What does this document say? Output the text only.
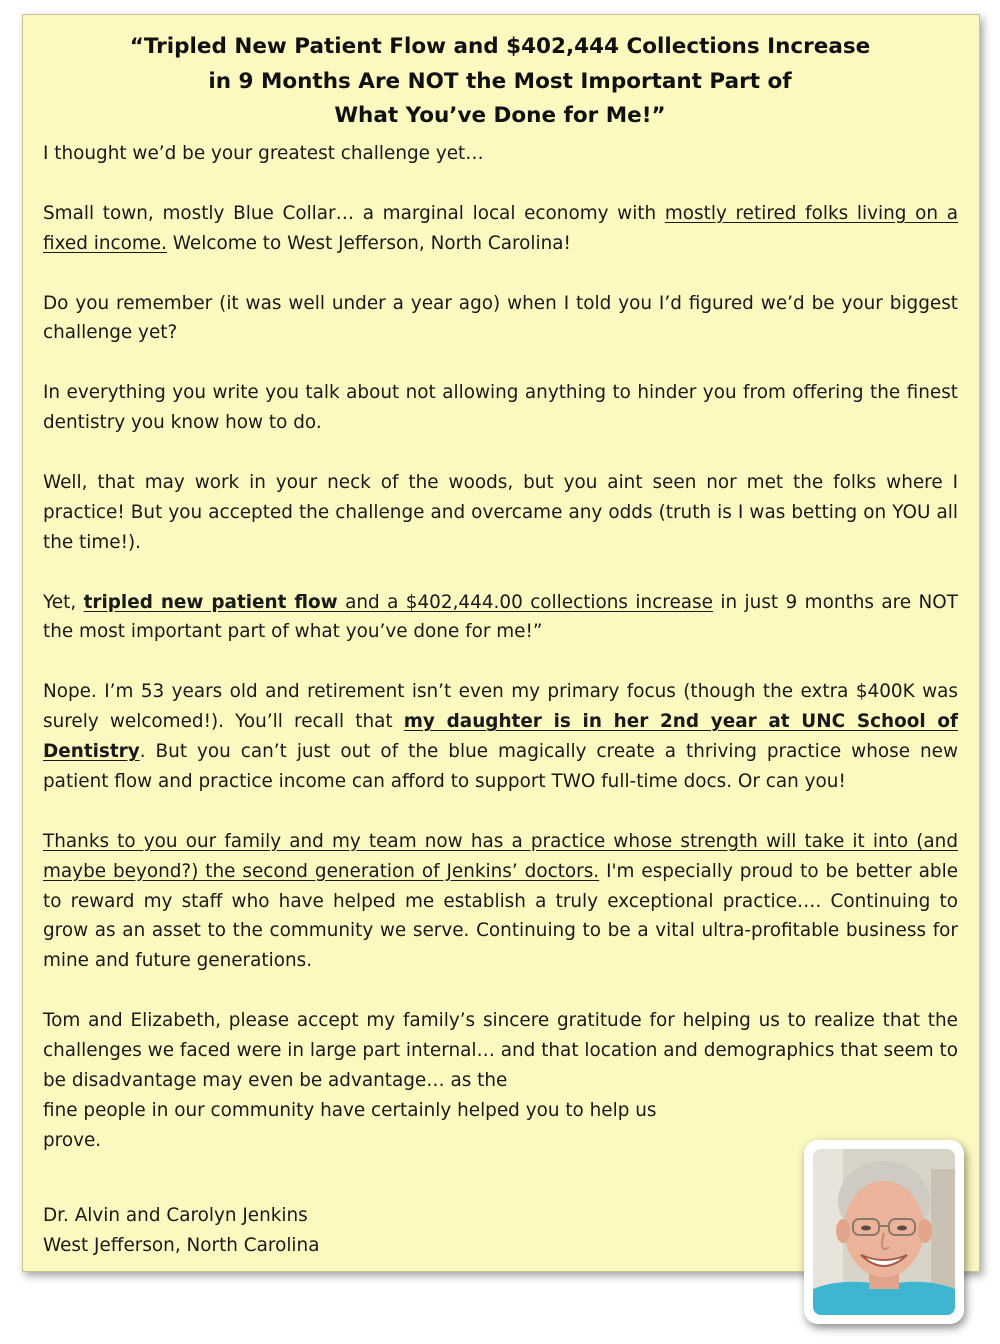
“Tripled New Patient Flow and $402,444 Collections Increase
in 9 Months Are NOT the Most Important Part of
What You’ve Done for Me!”

I thought we’d be your greatest challenge yet…

Small town, mostly Blue Collar… a marginal local economy with mostly retired folks living on a fixed income. Welcome to West Jefferson, North Carolina!

Do you remember (it was well under a year ago) when I told you I’d figured we’d be your biggest challenge yet?

In everything you write you talk about not allowing anything to hinder you from offering the finest dentistry you know how to do.

Well, that may work in your neck of the woods, but you aint seen nor met the folks where I practice! But you accepted the challenge and overcame any odds (truth is I was betting on YOU all the time!).

Yet, tripled new patient flow and a $402,444.00 collections increase in just 9 months are NOT the most important part of what you’ve done for me!”

Nope. I’m 53 years old and retirement isn’t even my primary focus (though the extra $400K was surely welcomed!). You’ll recall that my daughter is in her 2nd year at UNC School of Dentistry. But you can’t just out of the blue magically create a thriving practice whose new patient flow and practice income can afford to support TWO full-time docs. Or can you!

Thanks to you our family and my team now has a practice whose strength will take it into (and maybe beyond?) the second generation of Jenkins’ doctors. I'm especially proud to be better able to reward my staff who have helped me establish a truly exceptional practice…. Continuing to grow as an asset to the community we serve. Continuing to be a vital ultra-profitable business for mine and future generations.

Tom and Elizabeth, please accept my family’s sincere gratitude for helping us to realize that the challenges we faced were in large part internal… and that location and demographics that seem to be disadvantage may even be advantage… as the
fine people in our community have certainly helped you to help us
prove.

Dr. Alvin and Carolyn Jenkins
West Jefferson, North Carolina
